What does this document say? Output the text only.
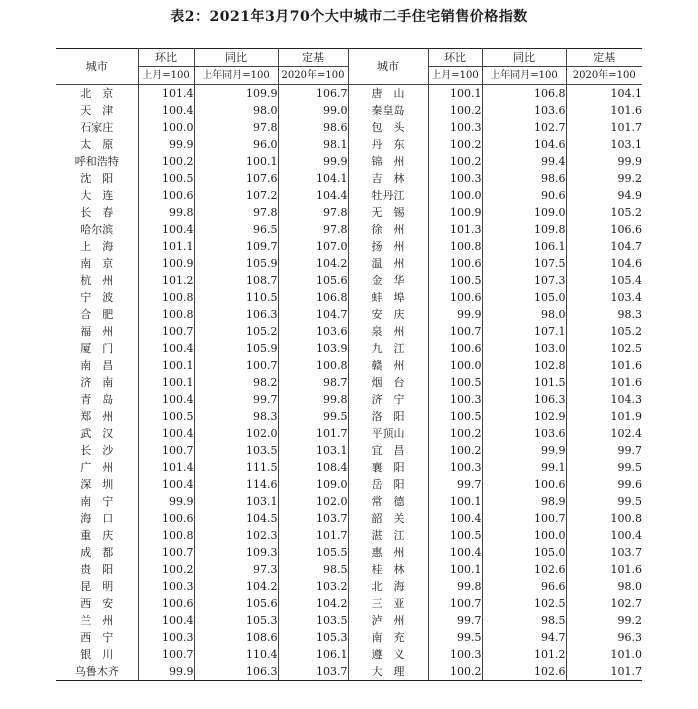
表2：2021年3月70个大中城市二手住宅销售价格指数
城市	环比	同比	定基	城市	环比	同比	定基
	上月=100	上年同月=100	2020年=100		上月=100	上年同月=100	2020年=100
北　京	101.4	109.9	106.7	唐　山	100.1	106.8	104.1
天　津	100.4	98.0	99.0	秦皇岛	100.2	103.6	101.6
石家庄	100.0	97.8	98.6	包　头	100.3	102.7	101.7
太　原	99.9	96.0	98.1	丹　东	100.2	104.6	103.1
呼和浩特	100.2	100.1	99.9	锦　州	100.2	99.4	99.9
沈　阳	100.5	107.6	104.1	吉　林	100.3	98.6	99.2
大　连	100.6	107.2	104.4	牡丹江	100.0	90.6	94.9
长　春	99.8	97.8	97.8	无　锡	100.9	109.0	105.2
哈尔滨	100.4	96.5	97.8	徐　州	101.3	109.8	106.6
上　海	101.1	109.7	107.0	扬　州	100.8	106.1	104.7
南　京	100.9	105.9	104.2	温　州	100.6	107.5	104.6
杭　州	101.2	108.7	105.6	金　华	100.5	107.3	105.4
宁　波	100.8	110.5	106.8	蚌　埠	100.6	105.0	103.4
合　肥	100.8	106.3	104.7	安　庆	99.9	98.0	98.3
福　州	100.7	105.2	103.6	泉　州	100.7	107.1	105.2
厦　门	100.4	105.9	103.9	九　江	100.6	103.0	102.5
南　昌	100.1	100.7	100.8	赣　州	100.0	102.8	101.6
济　南	100.1	98.2	98.7	烟　台	100.5	101.5	101.6
青　岛	100.4	99.7	99.8	济　宁	100.3	106.3	104.3
郑　州	100.5	98.3	99.5	洛　阳	100.5	102.9	101.9
武　汉	100.4	102.0	101.7	平顶山	100.2	103.6	102.4
长　沙	100.7	103.5	103.1	宜　昌	100.2	99.9	99.7
广　州	101.4	111.5	108.4	襄　阳	100.3	99.1	99.5
深　圳	100.4	114.6	109.0	岳　阳	99.7	100.6	99.6
南　宁	99.9	103.1	102.0	常　德	100.1	98.9	99.5
海　口	100.6	104.5	103.7	韶　关	100.4	100.7	100.8
重　庆	100.8	102.3	101.7	湛　江	100.5	100.0	100.4
成　都	100.7	109.3	105.5	惠　州	100.4	105.0	103.7
贵　阳	100.2	97.3	98.5	桂　林	100.1	102.6	101.6
昆　明	100.3	104.2	103.2	北　海	99.8	96.6	98.0
西　安	100.6	105.6	104.2	三　亚	100.7	102.5	102.7
兰　州	100.4	105.3	103.5	泸　州	99.7	98.5	99.2
西　宁	100.3	108.6	105.3	南　充	99.5	94.7	96.3
银　川	100.7	110.4	106.1	遵　义	100.3	101.2	101.0
乌鲁木齐	99.9	106.3	103.7	大　理	100.2	102.6	101.7
